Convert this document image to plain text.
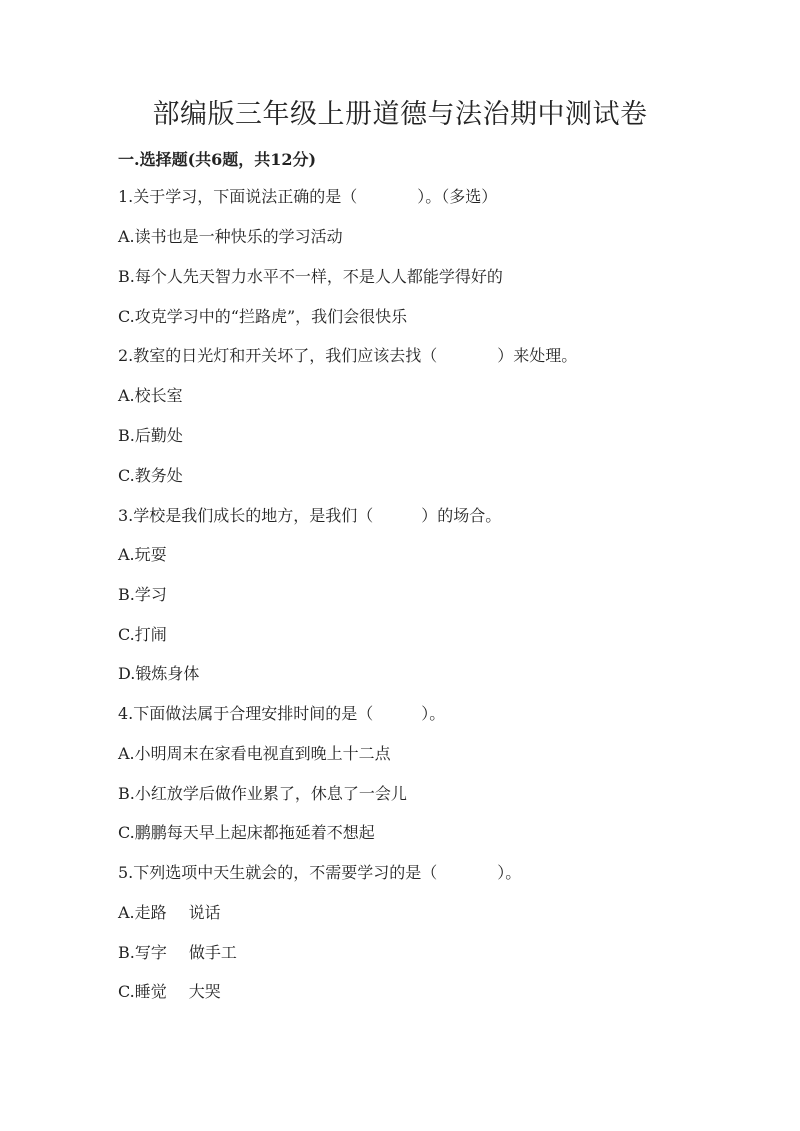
部编版三年级上册道德与法治期中测试卷
一.选择题(共6题，共12分)
1.关于学习，下面说法正确的是（	）。（多选）
A.读书也是一种快乐的学习活动
B.每个人先天智力水平不一样，不是人人都能学得好的
C.攻克学习中的“拦路虎”，我们会很快乐
2.教室的日光灯和开关坏了，我们应该去找（	）来处理。
A.校长室
B.后勤处
C.教务处
3.学校是我们成长的地方，是我们（	）的场合。
A.玩耍
B.学习
C.打闹
D.锻炼身体
4.下面做法属于合理安排时间的是（	）。
A.小明周末在家看电视直到晚上十二点
B.小红放学后做作业累了，休息了一会儿
C.鹏鹏每天早上起床都拖延着不想起
5.下列选项中天生就会的，不需要学习的是（	）。
A.走路 说话
B.写字 做手工
C.睡觉 大哭
